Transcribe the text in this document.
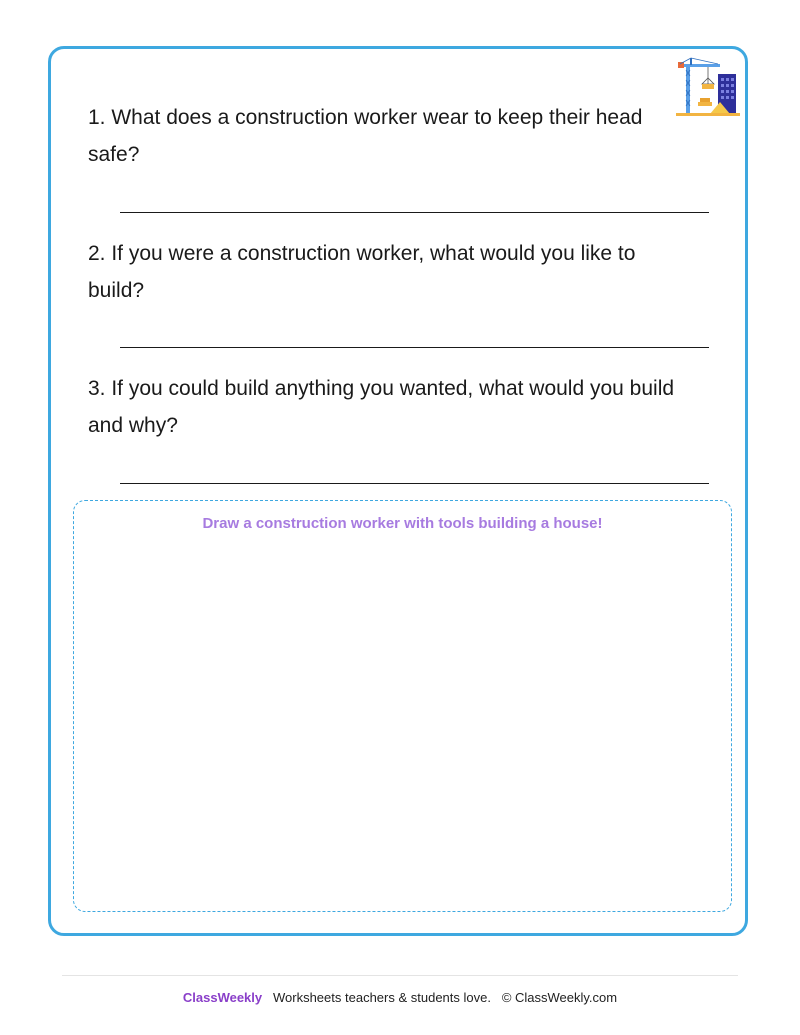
1. What does a construction worker wear to keep their head safe?

2. If you were a construction worker, what would you like to build?

3. If you could build anything you wanted, what would you build and why?

Draw a construction worker with tools building a house!
ClassWeekly Worksheets teachers & students love. © ClassWeekly.com
